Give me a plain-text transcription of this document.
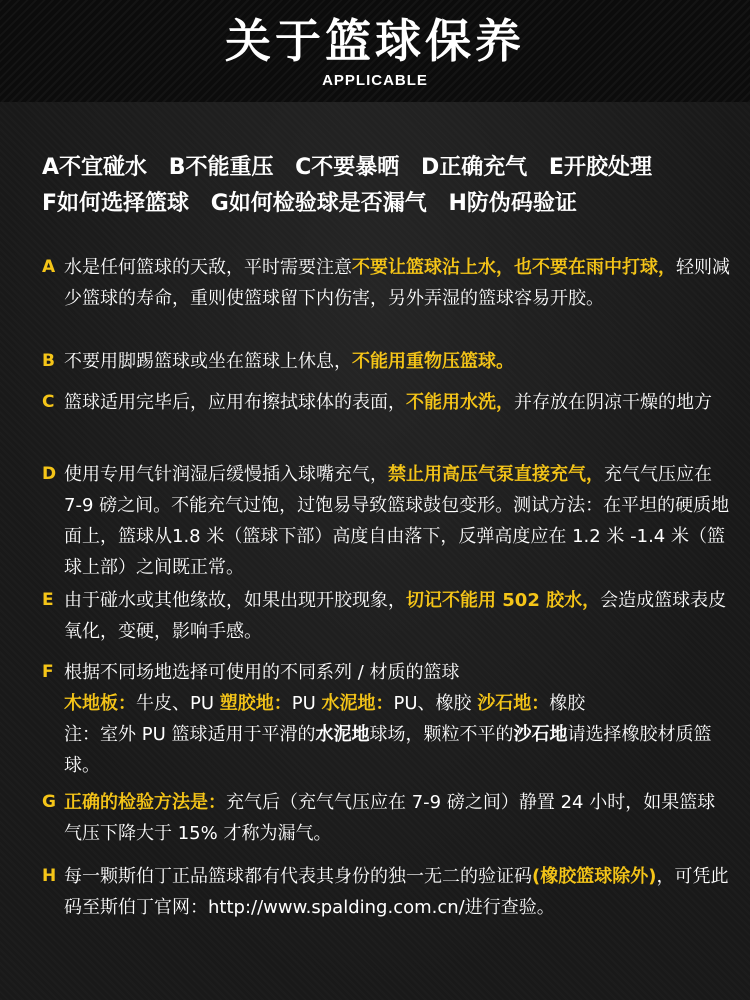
关于篮球保养
APPLICABLE
A不宜碰水 B不能重压 C不要暴晒 D正确充气 E开胶处理
F如何选择篮球 G如何检验球是否漏气 H防伪码验证
A 水是任何篮球的天敌，平时需要注意不要让篮球沾上水，也不要在雨中打球，轻则减少篮球的寿命，重则使篮球留下内伤害，另外弄湿的篮球容易开胶。
B 不要用脚踢篮球或坐在篮球上休息，不能用重物压篮球。
C 篮球适用完毕后，应用布擦拭球体的表面，不能用水洗，并存放在阴凉干燥的地方
D 使用专用气针润湿后缓慢插入球嘴充气，禁止用高压气泵直接充气，充气气压应在 7-9 磅之间。不能充气过饱，过饱易导致篮球鼓包变形。测试方法：在平坦的硬质地面上，篮球从1.8 米（篮球下部）高度自由落下，反弹高度应在 1.2 米 -1.4 米（篮球上部）之间既正常。
E 由于碰水或其他缘故，如果出现开胶现象，切记不能用 502 胶水，会造成篮球表皮氧化，变硬，影响手感。
F 根据不同场地选择可使用的不同系列 / 材质的篮球
木地板：牛皮、PU 塑胶地：PU 水泥地：PU、橡胶 沙石地：橡胶
注：室外 PU 篮球适用于平滑的水泥地球场，颗粒不平的沙石地请选择橡胶材质篮球。
G 正确的检验方法是：充气后（充气气压应在 7-9 磅之间）静置 24 小时，如果篮球气压下降大于 15% 才称为漏气。
H 每一颗斯伯丁正品篮球都有代表其身份的独一无二的验证码(橡胶篮球除外)，可凭此码至斯伯丁官网：http://www.spalding.com.cn/进行查验。
